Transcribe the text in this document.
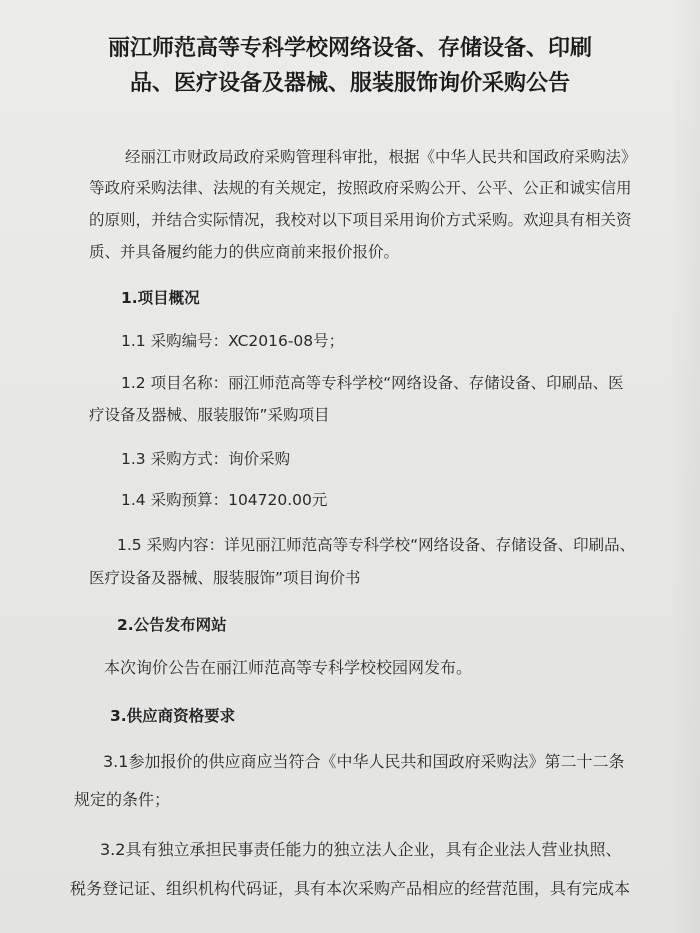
丽江师范高等专科学校网络设备、存储设备、印刷
品、医疗设备及器械、服装服饰询价采购公告
经丽江市财政局政府采购管理科审批，根据《中华人民共和国政府采购法》
等政府采购法律、法规的有关规定，按照政府采购公开、公平、公正和诚实信用
的原则，并结合实际情况，我校对以下项目采用询价方式采购。欢迎具有相关资
质、并具备履约能力的供应商前来报价报价。
1.项目概况
1.1 采购编号：XC2016-08号；
1.2 项目名称：丽江师范高等专科学校“网络设备、存储设备、印刷品、医
疗设备及器械、服装服饰”采购项目
1.3 采购方式：询价采购
1.4 采购预算：104720.00元
1.5 采购内容：详见丽江师范高等专科学校“网络设备、存储设备、印刷品、
医疗设备及器械、服装服饰”项目询价书
2.公告发布网站
本次询价公告在丽江师范高等专科学校校园网发布。
3.供应商资格要求
3.1参加报价的供应商应当符合《中华人民共和国政府采购法》第二十二条
规定的条件；
3.2具有独立承担民事责任能力的独立法人企业，具有企业法人营业执照、
税务登记证、组织机构代码证，具有本次采购产品相应的经营范围，具有完成本
